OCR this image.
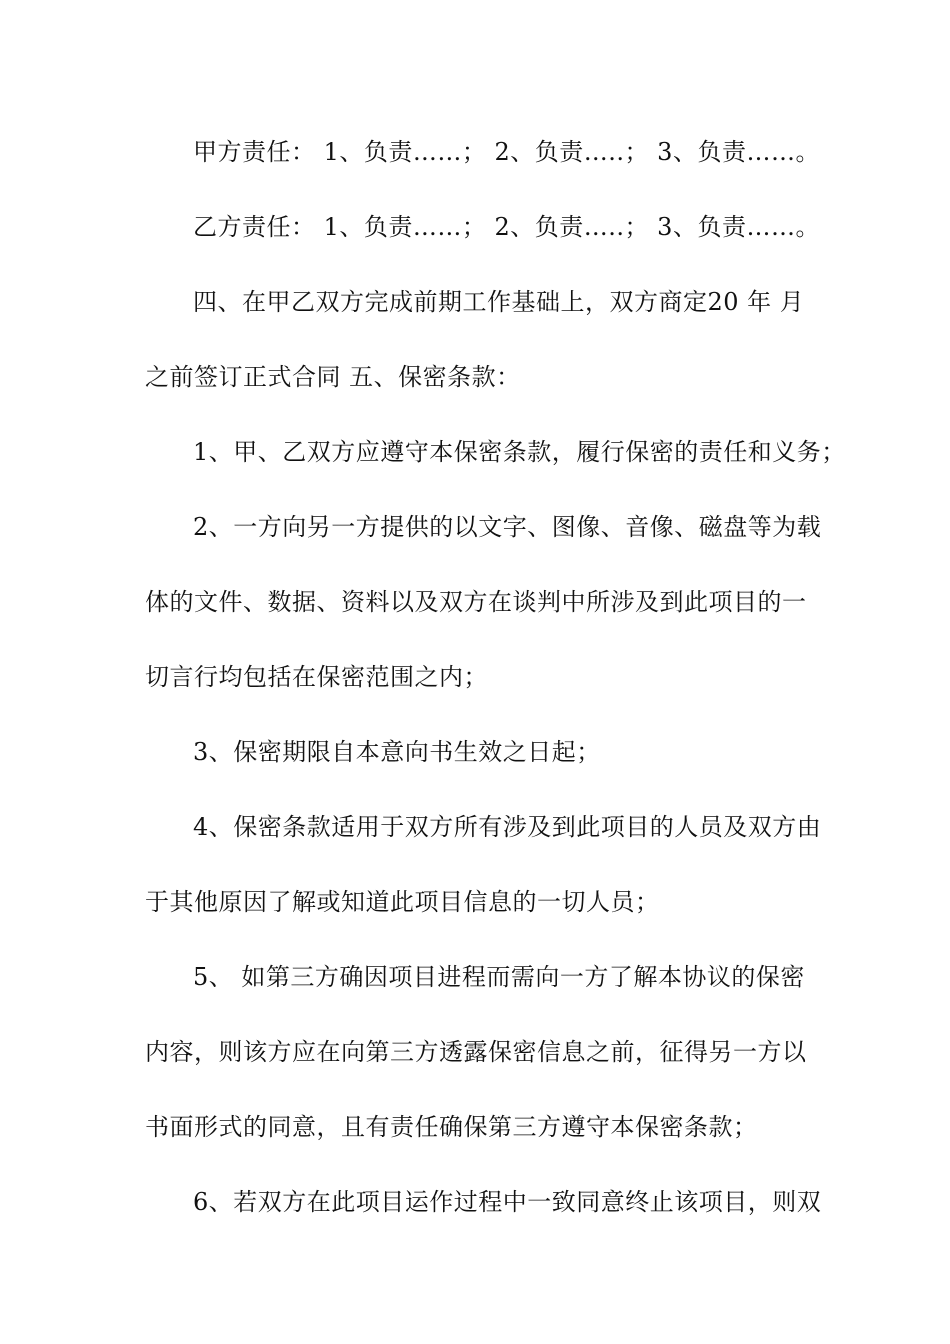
甲方责任： 1、负责……； 2、负责…..； 3、负责……。
乙方责任： 1、负责……； 2、负责…..； 3、负责……。
四、在甲乙双方完成前期工作基础上，双方商定20 年 月
之前签订正式合同 五、保密条款：
1、甲、乙双方应遵守本保密条款，履行保密的责任和义务；
2、一方向另一方提供的以文字、图像、音像、磁盘等为载
体的文件、数据、资料以及双方在谈判中所涉及到此项目的一
切言行均包括在保密范围之内；
3、保密期限自本意向书生效之日起；
4、保密条款适用于双方所有涉及到此项目的人员及双方由
于其他原因了解或知道此项目信息的一切人员；
5、 如第三方确因项目进程而需向一方了解本协议的保密
内容，则该方应在向第三方透露保密信息之前，征得另一方以
书面形式的同意，且有责任确保第三方遵守本保密条款；
6、若双方在此项目运作过程中一致同意终止该项目，则双
